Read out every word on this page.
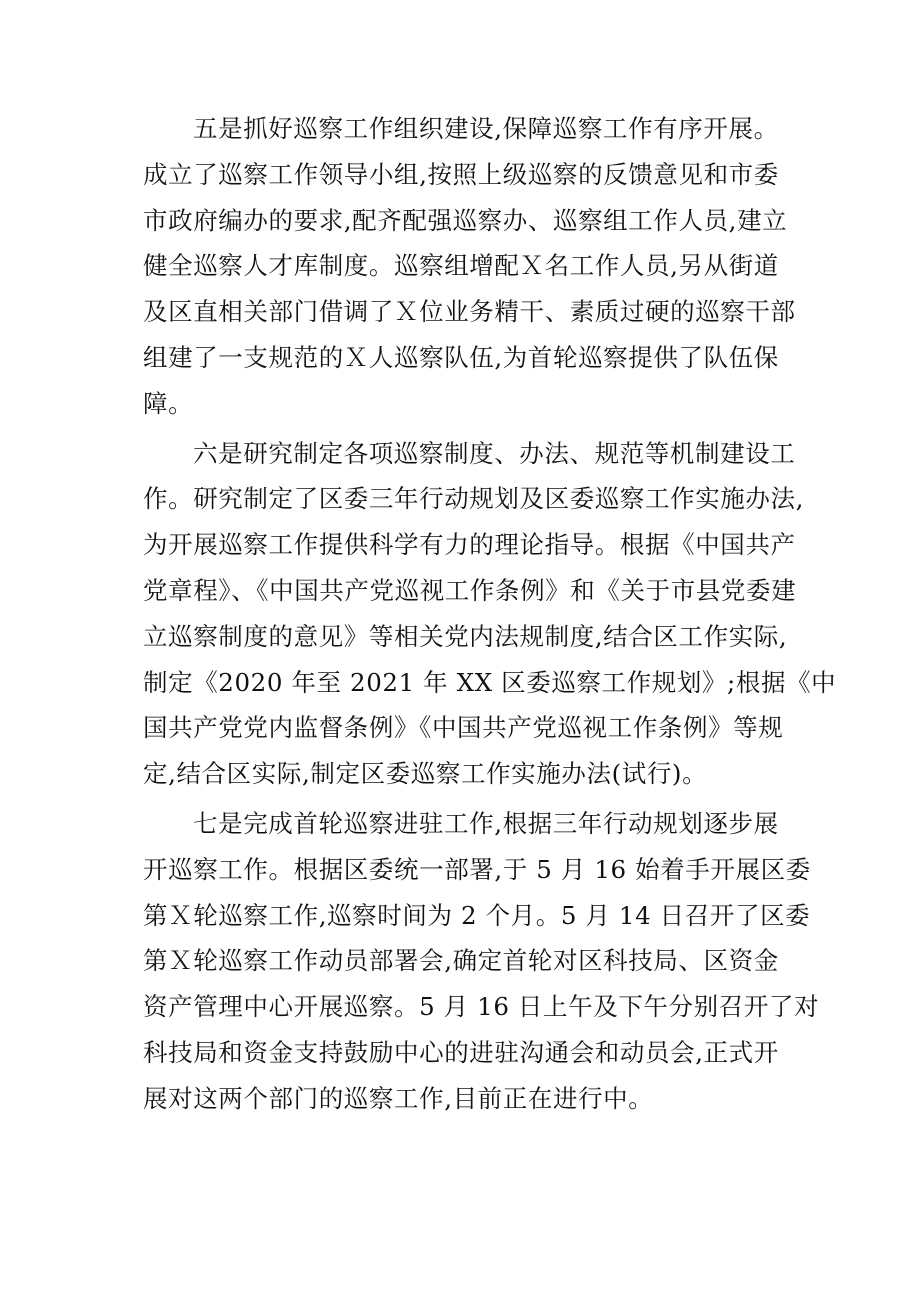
五是抓好巡察工作组织建设,保障巡察工作有序开展。
成立了巡察工作领导小组,按照上级巡察的反馈意见和市委
市政府编办的要求,配齐配强巡察办、巡察组工作人员,建立
健全巡察人才库制度。巡察组增配Ｘ名工作人员,另从街道
及区直相关部门借调了Ｘ位业务精干、素质过硬的巡察干部
组建了一支规范的Ｘ人巡察队伍,为首轮巡察提供了队伍保
障。
六是研究制定各项巡察制度、办法、规范等机制建设工
作。研究制定了区委三年行动规划及区委巡察工作实施办法,
为开展巡察工作提供科学有力的理论指导。根据《中国共产
党章程》、《中国共产党巡视工作条例》和《关于市县党委建
立巡察制度的意见》等相关党内法规制度,结合区工作实际,
制定《2020 年至 2021 年 XX 区委巡察工作规划》;根据《中
国共产党党内监督条例》《中国共产党巡视工作条例》等规
定,结合区实际,制定区委巡察工作实施办法(试行)。
七是完成首轮巡察进驻工作,根据三年行动规划逐步展
开巡察工作。根据区委统一部署,于 5 月 16 始着手开展区委
第Ｘ轮巡察工作,巡察时间为 2 个月。5 月 14 日召开了区委
第Ｘ轮巡察工作动员部署会,确定首轮对区科技局、区资金
资产管理中心开展巡察。5 月 16 日上午及下午分别召开了对
科技局和资金支持鼓励中心的进驻沟通会和动员会,正式开
展对这两个部门的巡察工作,目前正在进行中。
